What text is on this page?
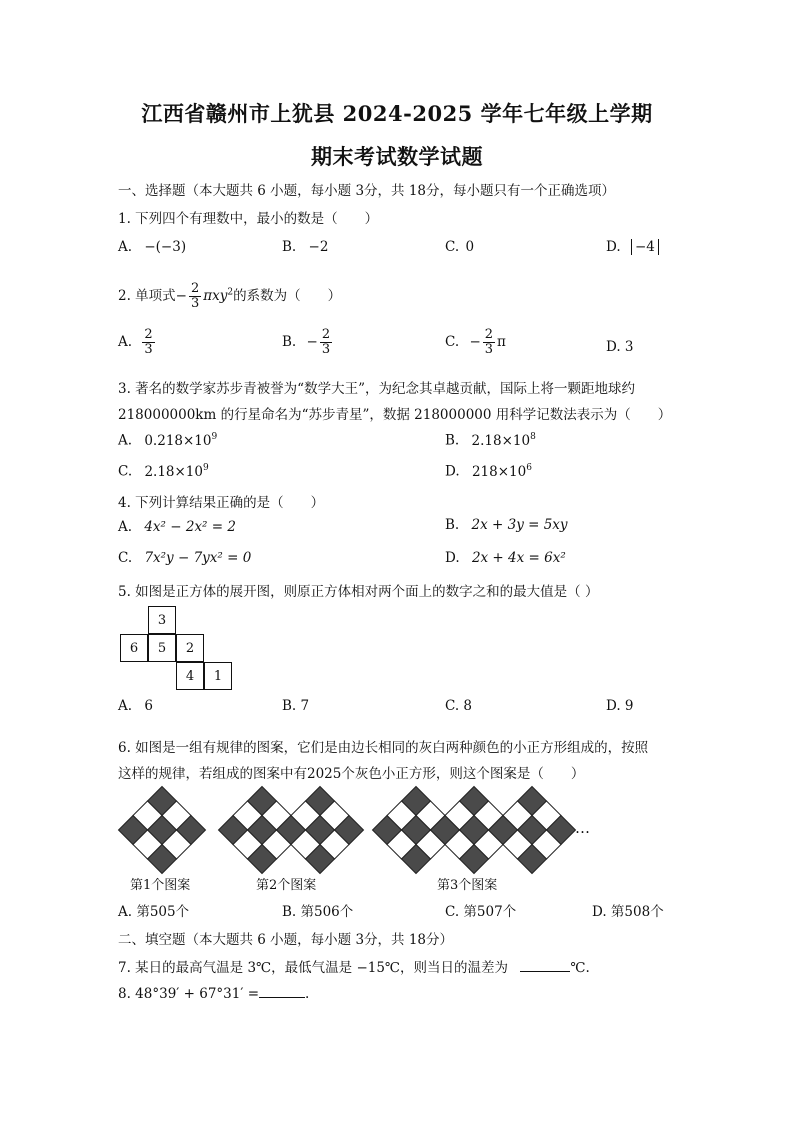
江西省赣州市上犹县 2024-2025 学年七年级上学期
期末考试数学试题
一、选择题（本大题共 6 小题，每小题 3分，共 18分，每小题只有一个正确选项）
1. 下列四个有理数中，最小的数是（　　）
A. −(−3)	B. −2	C. 0	D. −4
2. 单项式− $\frac{2}{3} \pi xy^2$的系数为（　　）
A. $\frac{2}{3}$	B. − $\frac{2}{3}$	C. − $\frac{2}{3}$ π	D. 3
3. 著名的数学家苏步青被誉为“数学大王”，为纪念其卓越贡献，国际上将一颗距地球约
218000000km 的行星命名为“苏步青星”，数据 218000000 用科学记数法表示为（　　）
A. $0.218\times 10^9$	B. $2.18\times 10^8$
C. $2.18\times 10^9$	D. $218\times 10^6$
4. 下列计算结果正确的是（　　）
A. 4x² − 2x² = 2	B. 2x + 3y = 5xy
C. 7x²y − 7yx² = 0	D. 2x + 4x = 6x²
5. 如图是正方体的展开图，则原正方体相对两个面上的数字之和的最大值是（ ）
3
6	5	2
4	1
A. 6	B. 7	C. 8	D. 9
6. 如图是一组有规律的图案，它们是由边长相同的灰白两种颜色的小正方形组成的，按照
这样的规律，若组成的图案中有2025个灰色小正方形，则这个图案是（　　）
…
第1个图案	第2个图案	第3个图案
A. 第505个	B. 第506个	C. 第507个	D. 第508个
二、填空题（本大题共 6 小题，每小题 3分，共 18分）
7. 某日的最高气温是 3℃，最低气温是 −15℃，则当日的温差为	℃.
8. 48°39′ + 67°31′ =	.
